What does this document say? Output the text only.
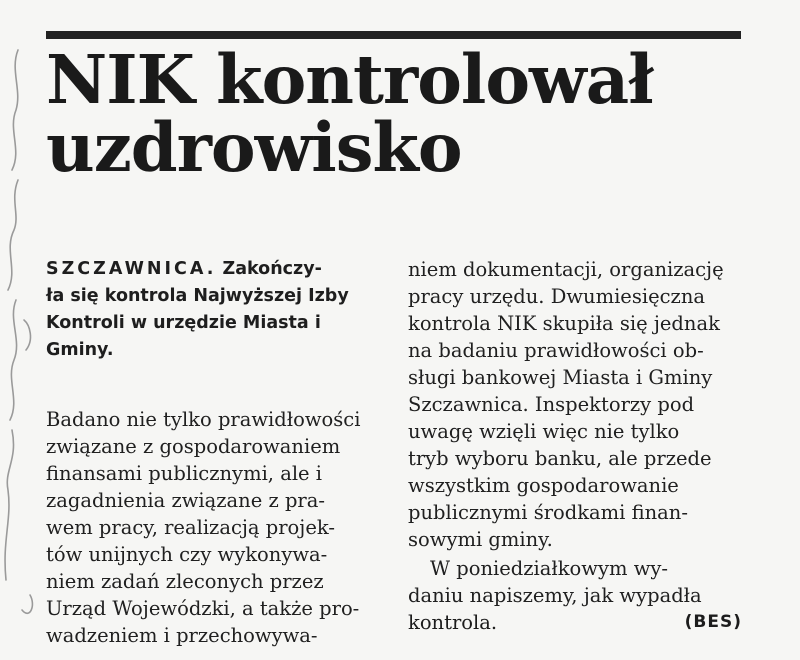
NIK kontrolował
uzdrowisko

SZCZAWNICA. Zakończy-
ła się kontrola Najwyższej Izby
Kontroli w urzędzie Miasta i
Gminy.

Badano nie tylko prawidłowości
związane z gospodarowaniem
finansami publicznymi, ale i
zagadnienia związane z pra-
wem pracy, realizacją projek-
tów unijnych czy wykonywa-
niem zadań zleconych przez
Urząd Wojewódzki, a także pro-
wadzeniem i przechowywa-

niem dokumentacji, organizację
pracy urzędu. Dwumiesięczna
kontrola NIK skupiła się jednak
na badaniu prawidłowości ob-
sługi bankowej Miasta i Gminy
Szczawnica. Inspektorzy pod
uwagę wzięli więc nie tylko
tryb wyboru banku, ale przede
wszystkim gospodarowanie
publicznymi środkami finan-
sowymi gminy.

W poniedziałkowym wy-
daniu napiszemy, jak wypadła

kontrola.	(BES)
